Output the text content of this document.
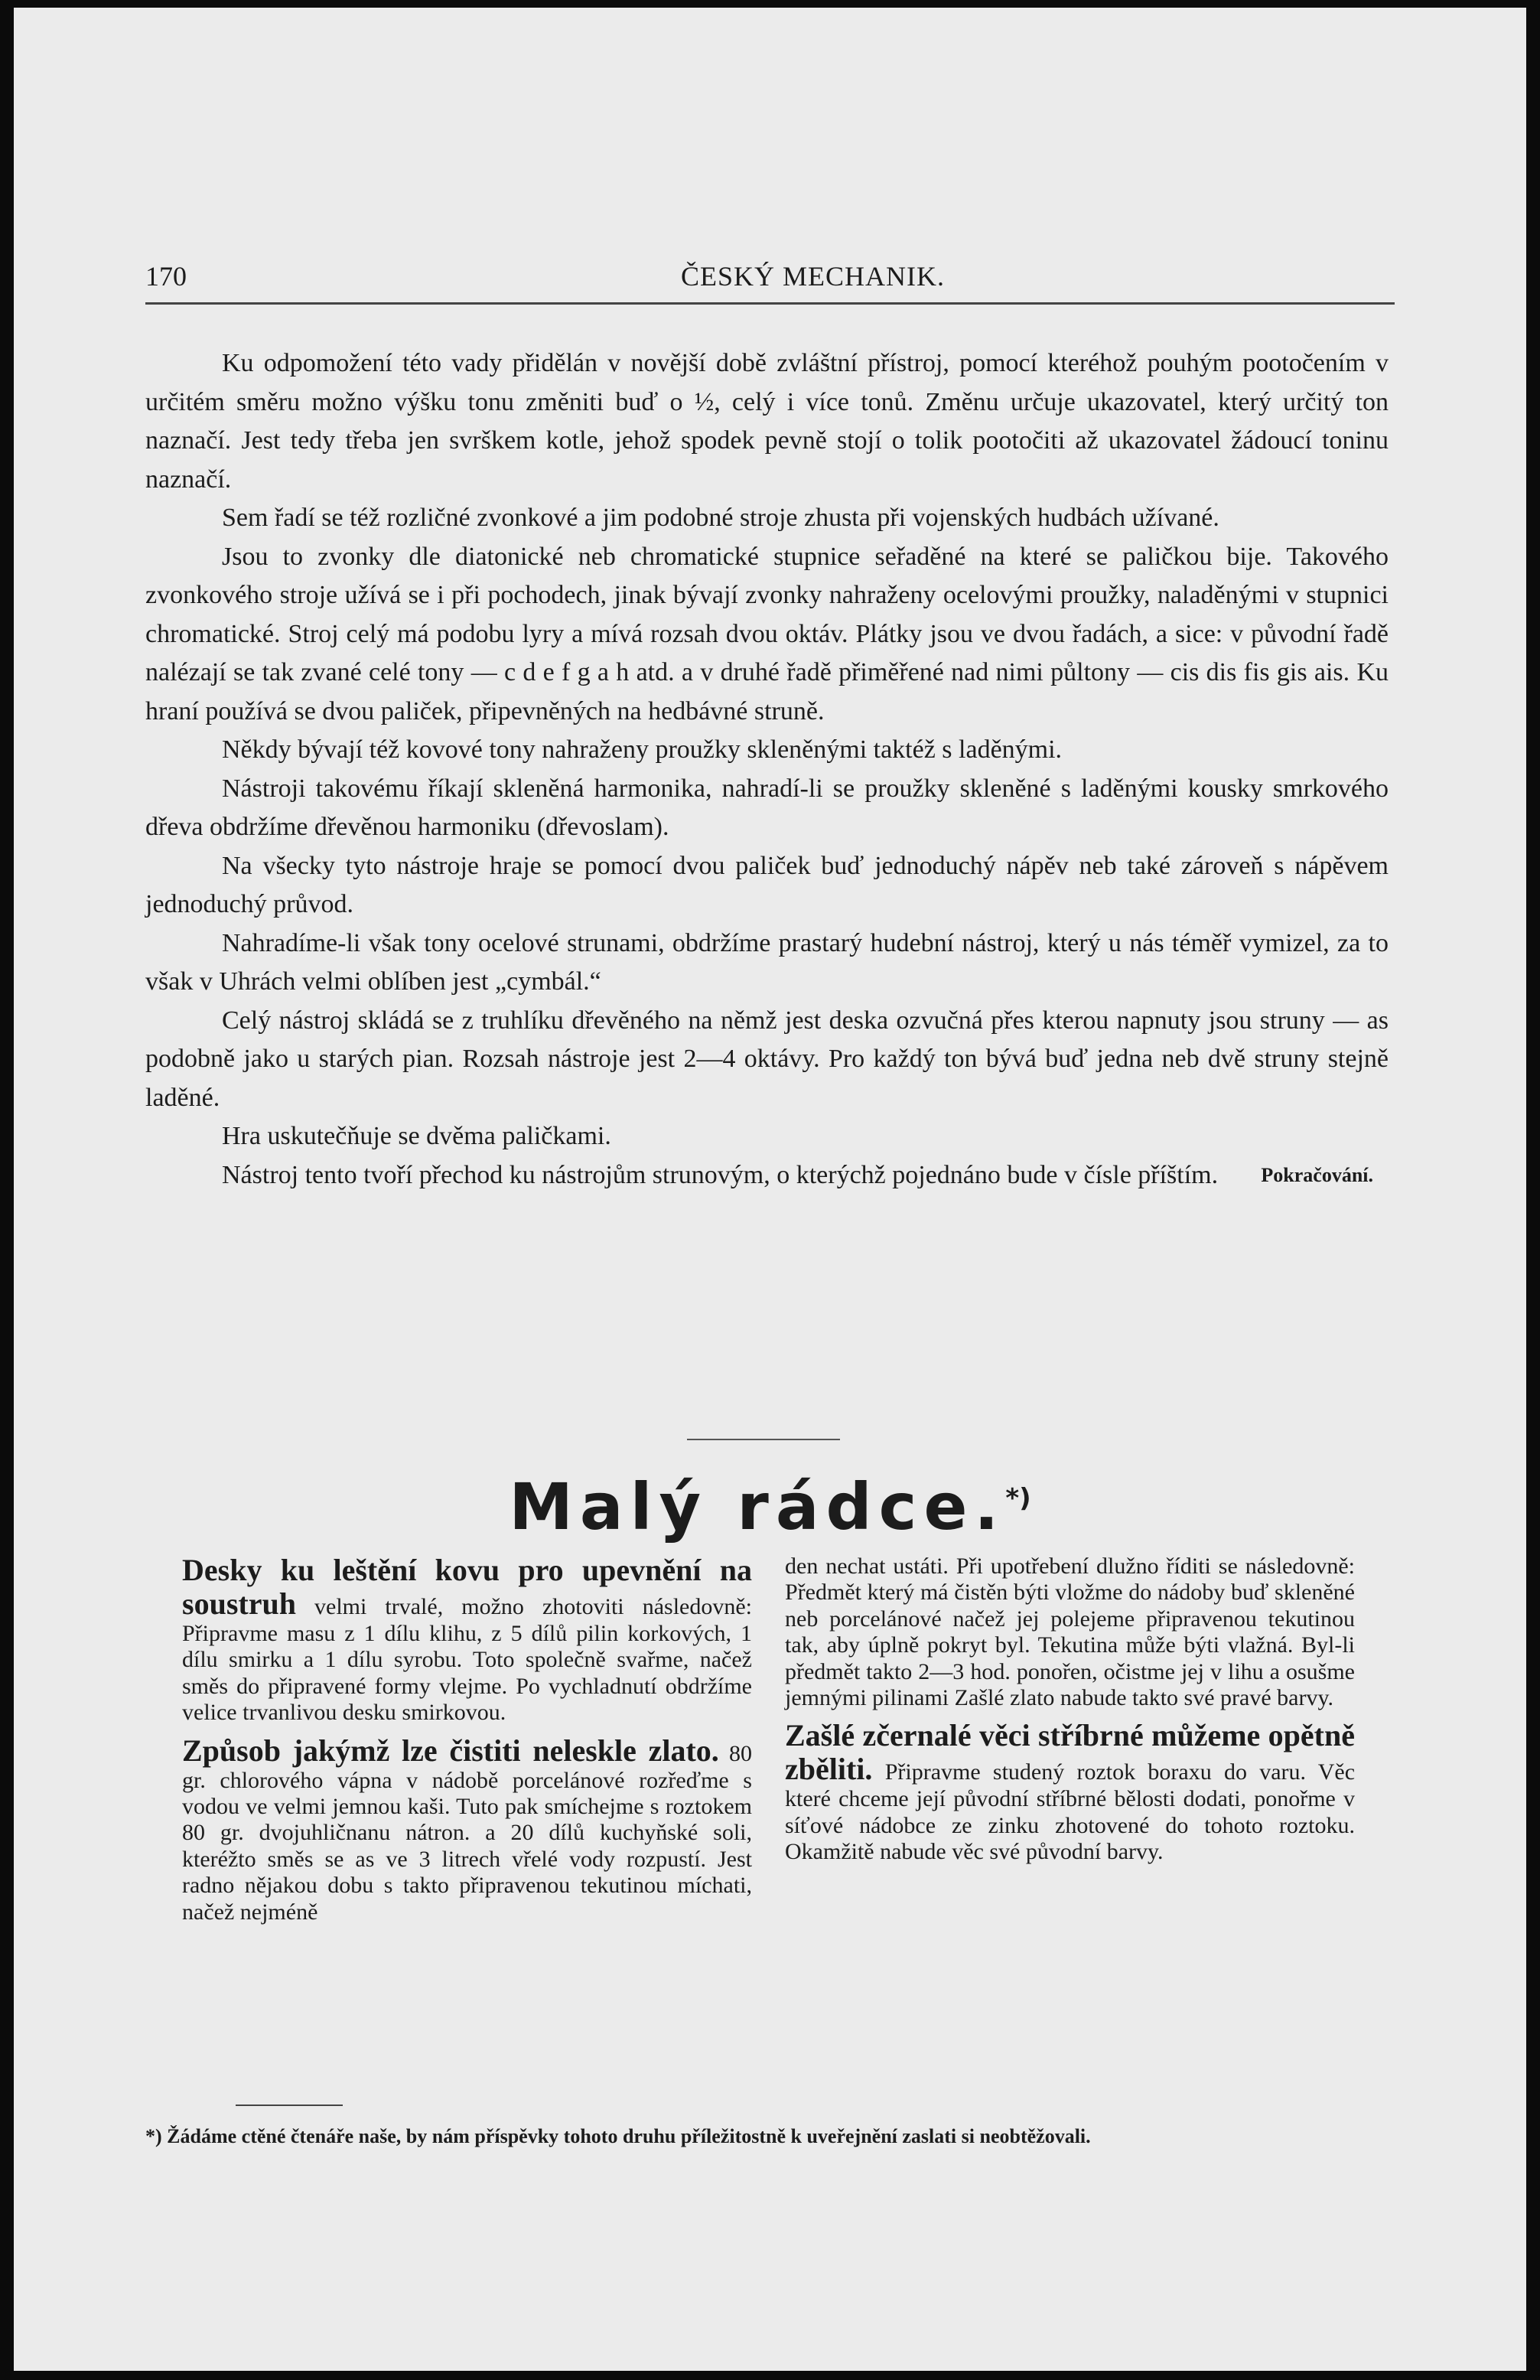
170	ČESKÝ MECHANIK.

Ku odpomožení této vady přidělán v novější době zvláštní přístroj, pomocí kteréhož pouhým pootočením v určitém směru možno výšku tonu změniti buď o ½, celý i více tonů. Změnu určuje ukazovatel, který určitý ton naznačí. Jest tedy třeba jen svrškem kotle, jehož spodek pevně stojí o tolik pootočiti až ukazovatel žádoucí toninu naznačí.

Sem řadí se též rozličné zvonkové a jim podobné stroje zhusta při vojenských hudbách užívané.

Jsou to zvonky dle diatonické neb chromatické stupnice seřaděné na které se paličkou bije. Takového zvonkového stroje užívá se i při pochodech, jinak bývají zvonky nahraženy ocelovými proužky, naladěnými v stupnici chromatické. Stroj celý má podobu lyry a mívá rozsah dvou oktáv. Plátky jsou ve dvou řadách, a sice: v původní řadě nalézají se tak zvané celé tony — c d e f g a h atd. a v druhé řadě přiměřené nad nimi půltony — cis dis fis gis ais. Ku hraní používá se dvou paliček, připevněných na hedbávné struně.

Někdy bývají též kovové tony nahraženy proužky skleněnými taktéž s laděnými.

Nástroji takovému říkají skleněná harmonika, nahradí-li se proužky skleněné s laděnými kousky smrkového dřeva obdržíme dřevěnou harmoniku (dřevoslam).

Na všecky tyto nástroje hraje se pomocí dvou paliček buď jednoduchý nápěv neb také zároveň s nápěvem jednoduchý průvod.

Nahradíme-li však tony ocelové strunami, obdržíme prastarý hudební nástroj, který u nás téměř vymizel, za to však v Uhrách velmi oblíben jest „cymbál.“

Celý nástroj skládá se z truhlíku dřevěného na němž jest deska ozvučná přes kterou napnuty jsou struny — as podobně jako u starých pian. Rozsah nástroje jest 2—4 oktávy. Pro každý ton bývá buď jedna neb dvě struny stejně laděné.

Hra uskutečňuje se dvěma paličkami.

Nástroj tento tvoří přechod ku nástrojům strunovým, o kterýchž pojednáno bude v čísle příštím.	Pokračování.
Malý rádce.*)

Desky ku leštění kovu pro upevnění na soustruh velmi trvalé, možno zhotoviti následovně: Připravme masu z 1 dílu klihu, z 5 dílů pilin korkových, 1 dílu smirku a 1 dílu syrobu. Toto společně svařme, načež směs do připravené formy vlejme. Po vychladnutí obdržíme velice trvanlivou desku smirkovou.

Způsob jakýmž lze čistiti neleskle zlato. 80 gr. chlorového vápna v nádobě porcelánové rozřeďme s vodou ve velmi jemnou kaši. Tuto pak smíchejme s roztokem 80 gr. dvojuhličnanu nátron. a 20 dílů kuchyňské soli, kteréžto směs se as ve 3 litrech vřelé vody rozpustí. Jest radno nějakou dobu s takto připravenou tekutinou míchati, načež nejméně

den nechat ustáti. Při upotřebení dlužno říditi se následovně: Předmět který má čistěn býti vložme do nádoby buď skleněné neb porcelánové načež jej polejeme připravenou tekutinou tak, aby úplně pokryt byl. Tekutina může býti vlažná. Byl-li předmět takto 2—3 hod. ponořen, očistme jej v lihu a osušme jemnými pilinami Zašlé zlato nabude takto své pravé barvy.

Zašlé zčernalé věci stříbrné můžeme opětně zběliti. Připravme studený roztok boraxu do varu. Věc které chceme její původní stříbrné bělosti dodati, ponořme v síťové nádobce ze zinku zhotovené do tohoto roztoku. Okamžitě nabude věc své původní barvy.

*) Žádáme ctěné čtenáře naše, by nám příspěvky tohoto druhu příležitostně k uveřejnění zaslati si neobtěžovali.
